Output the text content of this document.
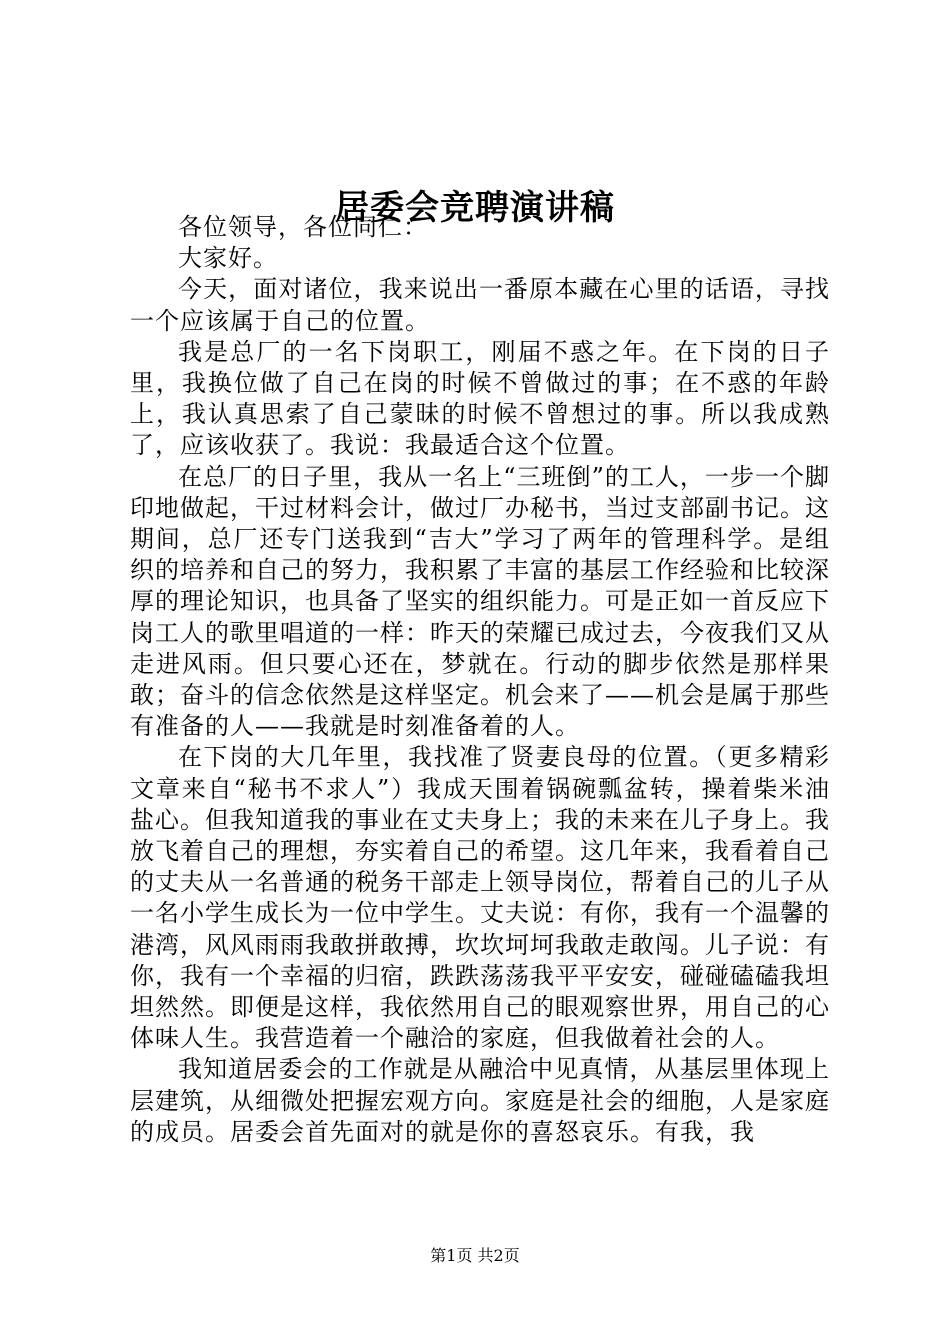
居委会竞聘演讲稿

各位领导，各位同仁：

大家好。

今天，面对诸位，我来说出一番原本藏在心里的话语，寻找一个应该属于自己的位置。

我是总厂的一名下岗职工，刚届不惑之年。在下岗的日子里，我换位做了自己在岗的时候不曾做过的事；在不惑的年龄上，我认真思索了自己蒙昧的时候不曾想过的事。所以我成熟了，应该收获了。我说：我最适合这个位置。

在总厂的日子里，我从一名上“三班倒”的工人，一步一个脚印地做起，干过材料会计，做过厂办秘书，当过支部副书记。这期间，总厂还专门送我到“吉大”学习了两年的管理科学。是组织的培养和自己的努力，我积累了丰富的基层工作经验和比较深厚的理论知识，也具备了坚实的组织能力。可是正如一首反应下岗工人的歌里唱道的一样：昨天的荣耀已成过去，今夜我们又从走进风雨。但只要心还在，梦就在。行动的脚步依然是那样果敢；奋斗的信念依然是这样坚定。机会来了——机会是属于那些有准备的人——我就是时刻准备着的人。

在下岗的大几年里，我找准了贤妻良母的位置。（更多精彩文章来自“秘书不求人”）我成天围着锅碗瓢盆转，操着柴米油盐心。但我知道我的事业在丈夫身上；我的未来在儿子身上。我放飞着自己的理想，夯实着自己的希望。这几年来，我看着自己的丈夫从一名普通的税务干部走上领导岗位，帮着自己的儿子从一名小学生成长为一位中学生。丈夫说：有你，我有一个温馨的港湾，风风雨雨我敢拼敢搏，坎坎坷坷我敢走敢闯。儿子说：有你，我有一个幸福的归宿，跌跌荡荡我平平安安，碰碰磕磕我坦坦然然。即便是这样，我依然用自己的眼观察世界，用自己的心体味人生。我营造着一个融洽的家庭，但我做着社会的人。

我知道居委会的工作就是从融洽中见真情，从基层里体现上层建筑，从细微处把握宏观方向。家庭是社会的细胞，人是家庭的成员。居委会首先面对的就是你的喜怒哀乐。有我，我

第1页 共2页
